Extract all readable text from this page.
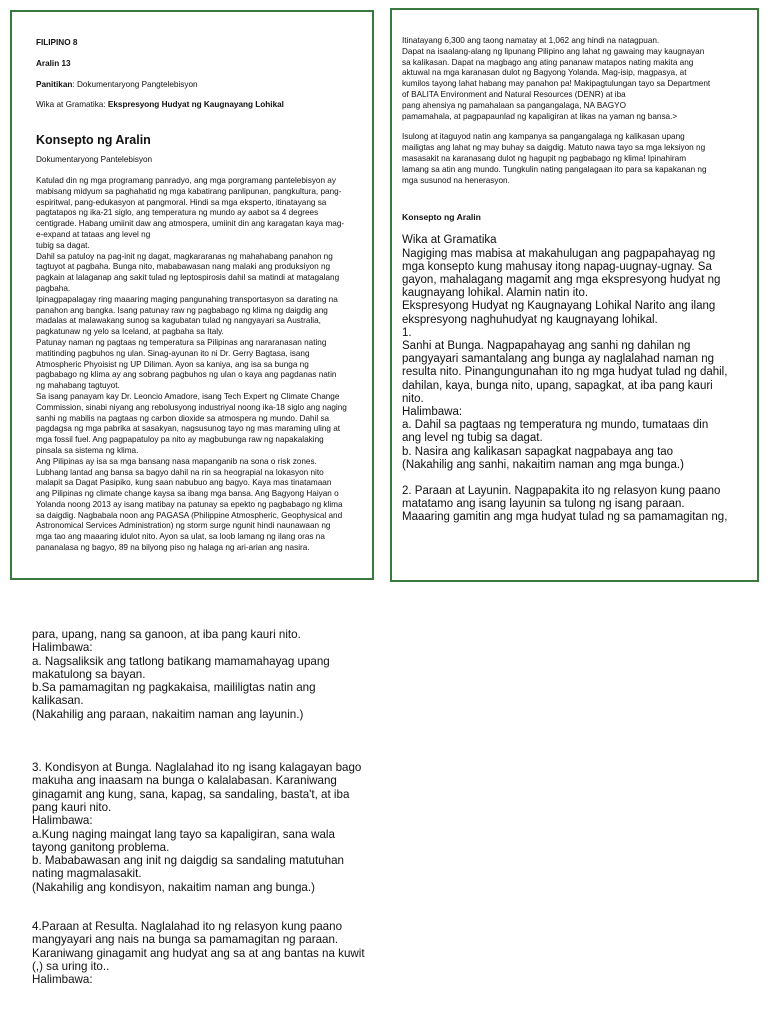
FILIPINO 8

Aralin 13

Panitikan: Dokumentaryong Pangtelebisyon

Wika at Gramatika: Ekspresyong Hudyat ng Kaugnayang Lohikal

Konsepto ng Aralin

Dokumentaryong Pantelebisyon

Katulad din ng mga programang panradyo, ang mga porgramang pantelebisyon ay
mabisang midyum sa paghahatid ng mga kabatirang panlipunan, pangkultura, pang-
espiritwal, pang-edukasyon at pangmoral. Hindi sa mga eksperto, itinatayang sa
pagtatapos ng ika-21 siglo, ang temperatura ng mundo ay aabot sa 4 degrees
centigrade. Habang umiinit daw ang atmospera, umiinit din ang karagatan kaya mag-
e-expand at tataas ang level ng
tubig sa dagat.
Dahil sa patuloy na pag-init ng dagat, magkararanas ng mahahabang panahon ng
tagtuyot at pagbaha. Bunga nito, mababawasan nang malaki ang produksiyon ng
pagkain at lalaganap ang sakit tulad ng leptospirosis dahil sa matindi at matagalang
pagbaha.
Ipinagpapalagay ring maaaring maging pangunahing transportasyon sa darating na
panahon ang bangka. Isang patunay raw ng pagbabago ng klima ng daigdig ang
madalas at malawakang sunog sa kagubatan tulad ng nangyayari sa Australia,
pagkatunaw ng yelo sa Iceland, at pagbaha sa Italy.
Patunay naman ng pagtaas ng temperatura sa Pilipinas ang nararanasan nating
matitinding pagbuhos ng ulan. Sinag-ayunan ito ni Dr. Gerry Bagtasa, isang
Atmospheric Phyoisist ng UP Diliman. Ayon sa kaniya, ang isa sa bunga ng
pagbabago ng klima ay ang sobrang pagbuhos ng ulan o kaya ang pagdanas natin
ng mahabang tagtuyot.
Sa isang panayam kay Dr. Leoncio Amadore, isang Tech Expert ng Climate Change
Commission, sinabi niyang ang rebolusyong industriyal noong ika-18 siglo ang naging
sanhi ng mabilis na pagtaas ng carbon dioxide sa atmospera ng mundo. Dahil sa
pagdagsa ng mga pabrika at sasakyan, nagsusunog tayo ng mas maraming uling at
mga fossil fuel. Ang pagpapatuloy pa nito ay magbubunga raw ng napakalaking
pinsala sa sistema ng klima.
Ang Pilipinas ay isa sa mga bansang nasa mapanganib na sona o risk zones.
Lubhang lantad ang bansa sa bagyo dahil na rin sa heograpial na lokasyon nito
malapit sa Dagat Pasipiko, kung saan nabubuo ang bagyo. Kaya mas tinatamaan
ang Pilipinas ng climate change kaysa sa ibang mga bansa. Ang Bagyong Haiyan o
Yolanda noong 2013 ay isang matibay na patunay sa epekto ng pagbabago ng klima
sa daigdig. Nagbabala noon ang PAGASA (Philippine Atmospheric, Geophysical and
Astronomical Services Administration) ng storm surge ngunit hindi naunawaan ng
mga tao ang maaaring idulot nito. Ayon sa ulat, sa loob lamang ng ilang oras na
pananalasa ng bagyo, 89 na bilyong piso ng halaga ng ari-arian ang nasira.

Itinatayang 6,300 ang taong namatay at 1,062 ang hindi na natagpuan.
Dapat na isaalang-alang ng lipunang Pilipino ang lahat ng gawaing may kaugnayan
sa kalikasan. Dapat na magbago ang ating pananaw matapos nating makita ang
aktuwal na mga karanasan dulot ng Bagyong Yolanda. Mag-isip, magpasya, at
kumilos tayong lahat habang may panahon pa! Makipagtulungan tayo sa Department
of BALITA Environment and Natural Resources (DENR) at iba
pang ahensiya ng pamahalaan sa pangangalaga, NA BAGYO
pamamahala, at pagpapaunlad ng kapaligiran at likas na yaman ng bansa.>

Isulong at itaguyod natin ang kampanya sa pangangalaga ng kalikasan upang
mailigtas ang lahat ng may buhay sa daigdig. Matuto nawa tayo sa mga leksiyon ng
masasakit na karanasang dulot ng hagupit ng pagbabago ng klima! Ipinahiram
lamang sa atin ang mundo. Tungkulin nating pangalagaan ito para sa kapakanan ng
mga susunod na henerasyon.

Konsepto ng Aralin

Wika at Gramatika
Nagiging mas mabisa at makahulugan ang pagpapahayag ng
mga konsepto kung mahusay itong napag-uugnay-ugnay. Sa
gayon, mahalagang magamit ang mga ekspresyong hudyat ng
kaugnayang lohikal. Alamin natin ito.
Ekspresyong Hudyat ng Kaugnayang Lohikal Narito ang ilang
ekspresyong naghuhudyat ng kaugnayang lohikal.
1.
Sanhi at Bunga. Nagpapahayag ang sanhi ng dahilan ng
pangyayari samantalang ang bunga ay naglalahad naman ng
resulta nito. Pinangungunahan ito ng mga hudyat tulad ng dahil,
dahilan, kaya, bunga nito, upang, sapagkat, at iba pang kauri
nito.
Halimbawa:
a. Dahil sa pagtaas ng temperatura ng mundo, tumataas din
ang level ng tubig sa dagat.
b. Nasira ang kalikasan sapagkat nagpabaya ang tao
(Nakahilig ang sanhi, nakaitim naman ang mga bunga.)

2. Paraan at Layunin. Nagpapakita ito ng relasyon kung paano
matatamo ang isang layunin sa tulong ng isang paraan.
Maaaring gamitin ang mga hudyat tulad ng sa pamamagitan ng,

para, upang, nang sa ganoon, at iba pang kauri nito.
Halimbawa:
a. Nagsaliksik ang tatlong batikang mamamahayag upang
makatulong sa bayan.
b.Sa pamamagitan ng pagkakaisa, maililigtas natin ang
kalikasan.
(Nakahilig ang paraan, nakaitim naman ang layunin.)

3. Kondisyon at Bunga. Naglalahad ito ng isang kalagayan bago
makuha ang inaasam na bunga o kalalabasan. Karaniwang
ginagamit ang kung, sana, kapag, sa sandaling, basta't, at iba
pang kauri nito.
Halimbawa:
a.Kung naging maingat lang tayo sa kapaligiran, sana wala
tayong ganitong problema.
b. Mababawasan ang init ng daigdig sa sandaling matutuhan
nating magmalasakit.
(Nakahilig ang kondisyon, nakaitim naman ang bunga.)

4.Paraan at Resulta. Naglalahad ito ng relasyon kung paano
mangyayari ang nais na bunga sa pamamagitan ng paraan.
Karaniwang ginagamit ang hudyat ang sa at ang bantas na kuwit
(,) sa uring ito..
Halimbawa:
